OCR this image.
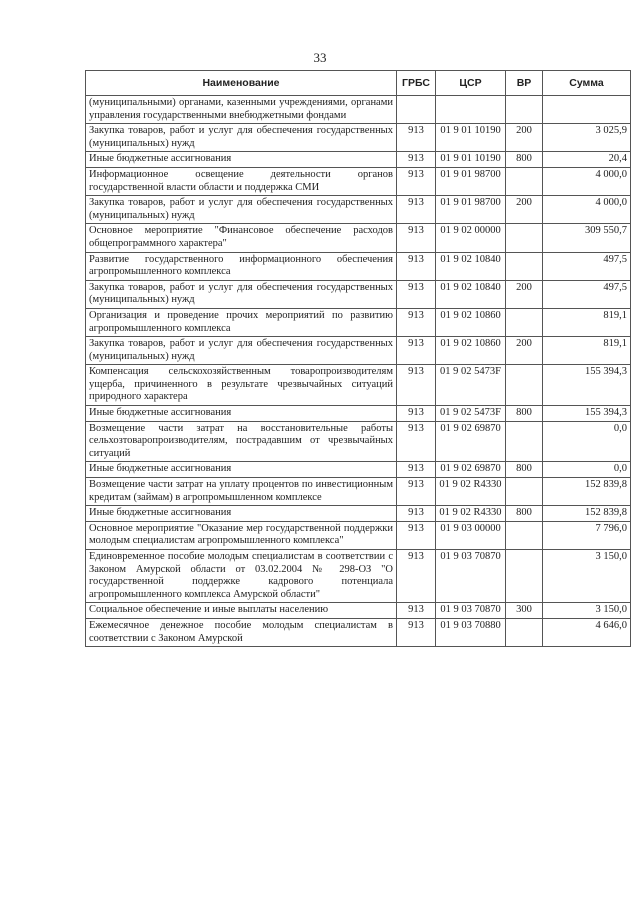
33
Наименование	ГРБС	ЦСР	ВР	Сумма
(муниципальными) органами, казенными учреждениями, органами управления государственными внебюджетными фондами				
Закупка товаров, работ и услуг для обеспечения государственных (муниципальных) нужд	913	01 9 01 10190	200	3 025,9
Иные бюджетные ассигнования	913	01 9 01 10190	800	20,4
Информационное освещение деятельности органов государственной власти области и поддержка СМИ	913	01 9 01 98700		4 000,0
Закупка товаров, работ и услуг для обеспечения государственных (муниципальных) нужд	913	01 9 01 98700	200	4 000,0
Основное мероприятие "Финансовое обеспечение расходов общепрограммного характера"	913	01 9 02 00000		309 550,7
Развитие государственного информационного обеспечения агропромышленного комплекса	913	01 9 02 10840		497,5
Закупка товаров, работ и услуг для обеспечения государственных (муниципальных) нужд	913	01 9 02 10840	200	497,5
Организация и проведение прочих мероприятий по развитию агропромышленного комплекса	913	01 9 02 10860		819,1
Закупка товаров, работ и услуг для обеспечения государственных (муниципальных) нужд	913	01 9 02 10860	200	819,1
Компенсация сельскохозяйственным товаропроизводителям ущерба, причиненного в результате чрезвычайных ситуаций природного характера	913	01 9 02 5473F		155 394,3
Иные бюджетные ассигнования	913	01 9 02 5473F	800	155 394,3
Возмещение части затрат на восстановительные работы сельхозтоваропроизводителям, пострадавшим от чрезвычайных ситуаций	913	01 9 02 69870		0,0
Иные бюджетные ассигнования	913	01 9 02 69870	800	0,0
Возмещение части затрат на уплату процентов по инвестиционным кредитам (займам) в агропромышленном комплексе	913	01 9 02 R4330		152 839,8
Иные бюджетные ассигнования	913	01 9 02 R4330	800	152 839,8
Основное мероприятие "Оказание мер государственной поддержки молодым специалистам агропромышленного комплекса"	913	01 9 03 00000		7 796,0
Единовременное пособие молодым специалистам в соответствии с Законом Амурской области от 03.02.2004 № 298-ОЗ "О государственной поддержке кадрового потенциала агропромышленного комплекса Амурской области"	913	01 9 03 70870		3 150,0
Социальное обеспечение и иные выплаты населению	913	01 9 03 70870	300	3 150,0
Ежемесячное денежное пособие молодым специалистам в соответствии с Законом Амурской	913	01 9 03 70880		4 646,0
